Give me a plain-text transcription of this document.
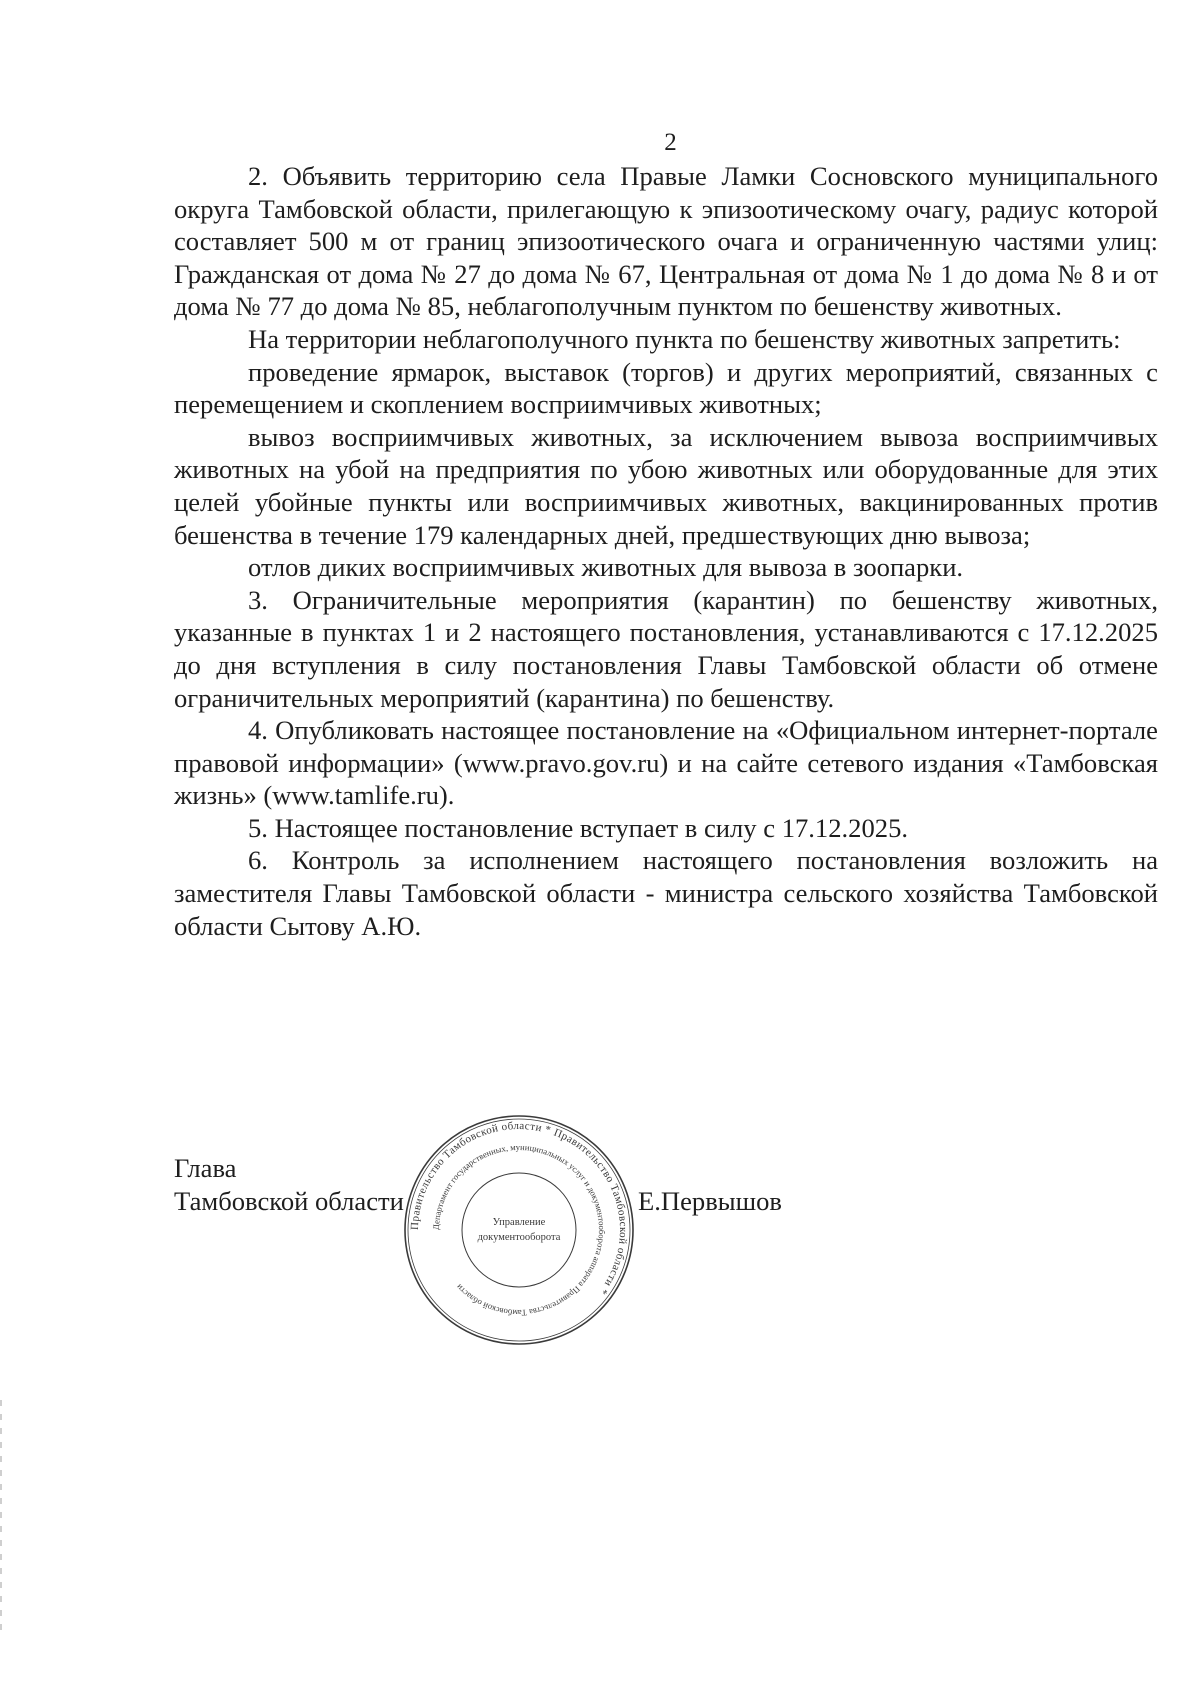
2

2. Объявить территорию села Правые Ламки Сосновского муниципального округа Тамбовской области, прилегающую к эпизоотическому очагу, радиус которой составляет 500 м от границ эпизоотического очага и ограниченную частями улиц: Гражданская от дома № 27 до дома № 67, Центральная от дома № 1 до дома № 8 и от дома № 77 до дома № 85, неблагополучным пунктом по бешенству животных.

На территории неблагополучного пункта по бешенству животных запретить:

проведение ярмарок, выставок (торгов) и других мероприятий, связанных с перемещением и скоплением восприимчивых животных;

вывоз восприимчивых животных, за исключением вывоза восприимчивых животных на убой на предприятия по убою животных или оборудованные для этих целей убойные пункты или восприимчивых животных, вакцинированных против бешенства в течение 179 календарных дней, предшествующих дню вывоза;

отлов диких восприимчивых животных для вывоза в зоопарки.

3. Ограничительные мероприятия (карантин) по бешенству животных, указанные в пунктах 1 и 2 настоящего постановления, устанавливаются с 17.12.2025 до дня вступления в силу постановления Главы Тамбовской области об отмене ограничительных мероприятий (карантина) по бешенству.

4. Опубликовать настоящее постановление на «Официальном интернет-портале правовой информации» (www.pravo.gov.ru) и на сайте сетевого издания «Тамбовская жизнь» (www.tamlife.ru).

5. Настоящее постановление вступает в силу с 17.12.2025.

6. Контроль за исполнением настоящего постановления возложить на заместителя Главы Тамбовской области - министра сельского хозяйства Тамбовской области Сытову А.Ю.

Глава
Тамбовской области	Е.Первышов
Правительство Тамбовской области * Правительство Тамбовской области *
Департамент государственных, муниципальных услуг и документооборота аппарата Правительства Тамбовской области
Управление
документооборота
